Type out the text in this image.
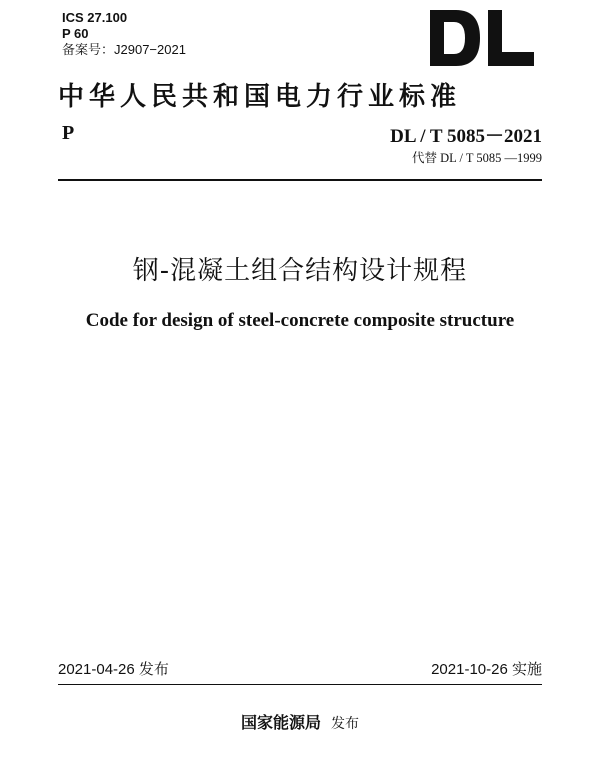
ICS 27.100
P 60
备案号：J2907−2021
中华人民共和国电力行业标准
P	DL / T 5085－2021
代替 DL / T 5085 —1999
钢-混凝土组合结构设计规程
Code for design of steel-concrete composite structure
2021-04-26 发布	2021-10-26 实施
国家能源局 发布
